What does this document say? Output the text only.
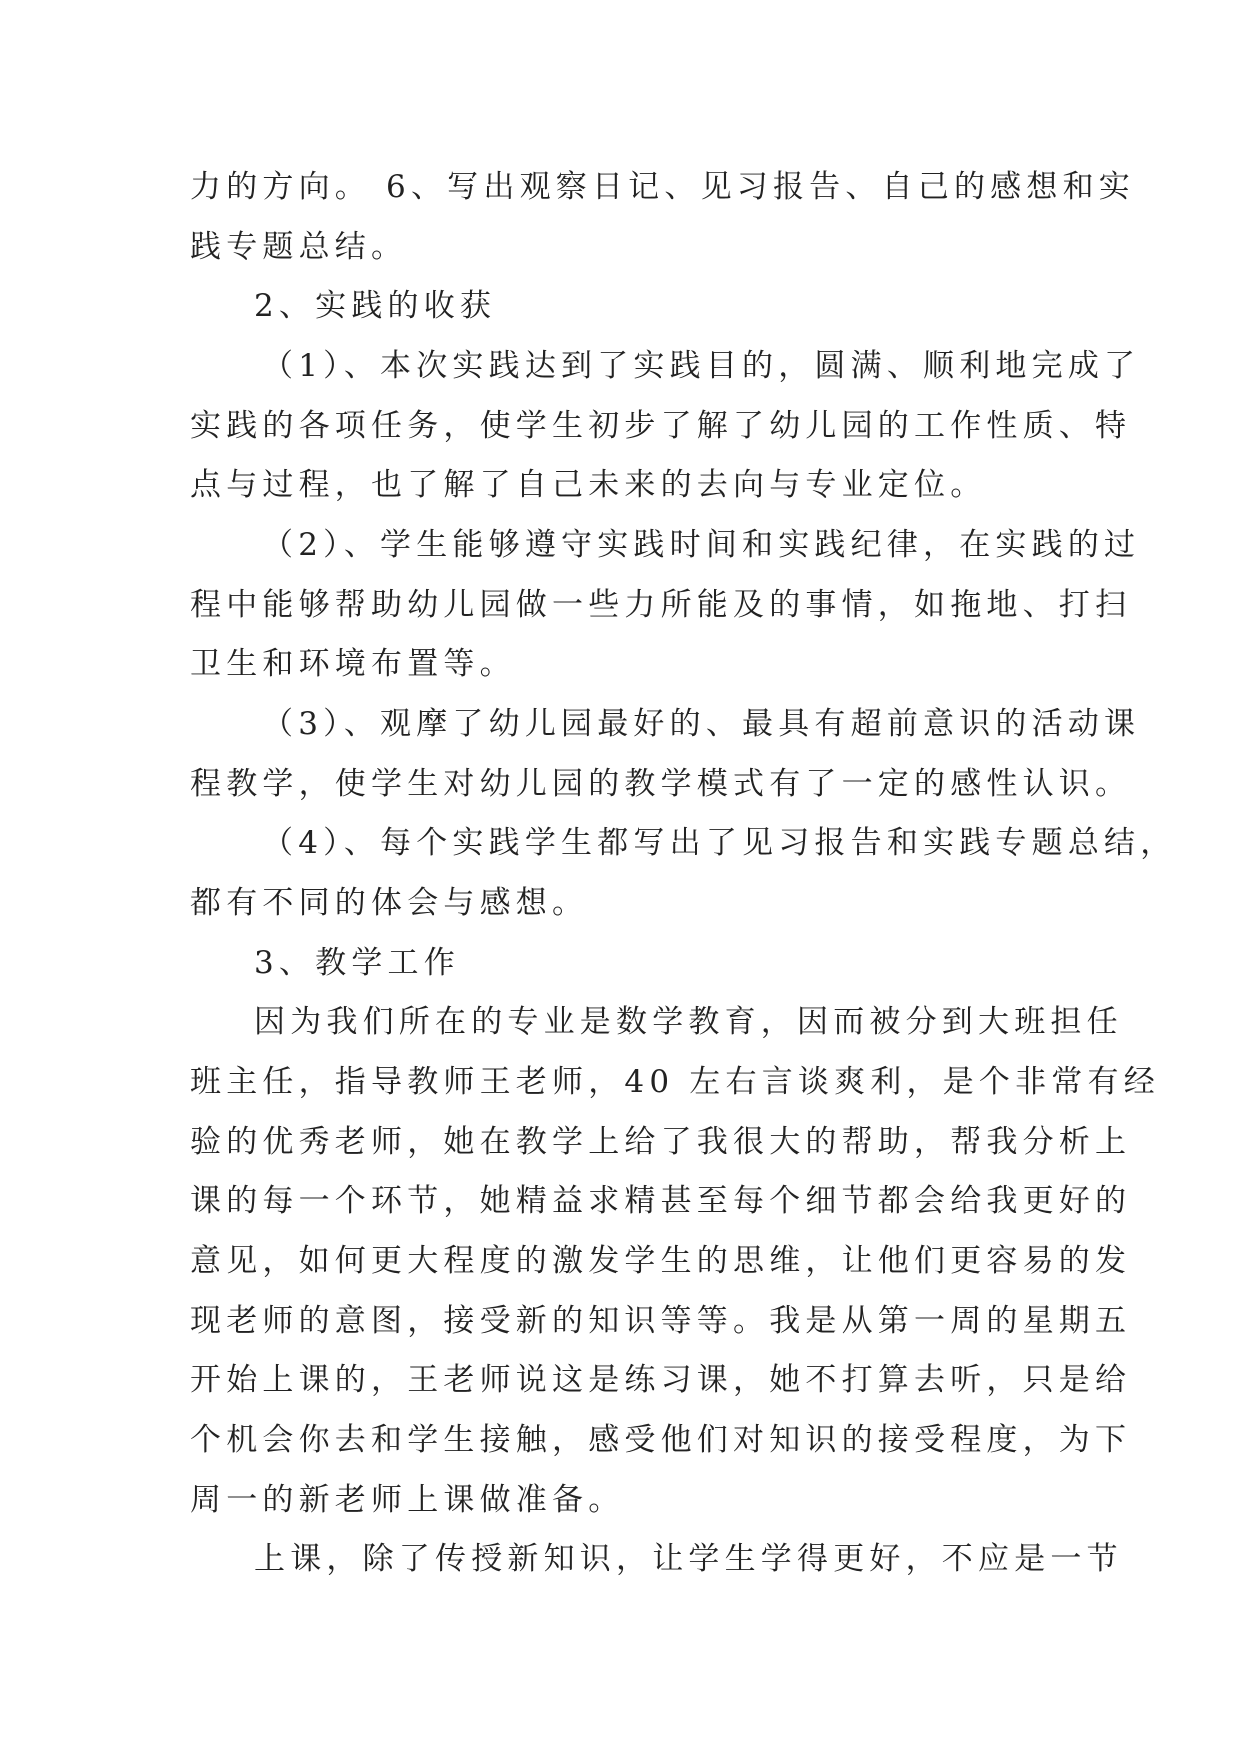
力的方向。 6、写出观察日记、见习报告、自己的感想和实
践专题总结。
2、实践的收获
（1）、本次实践达到了实践目的，圆满、顺利地完成了
实践的各项任务，使学生初步了解了幼儿园的工作性质、特
点与过程，也了解了自己未来的去向与专业定位。
（2）、学生能够遵守实践时间和实践纪律，在实践的过
程中能够帮助幼儿园做一些力所能及的事情，如拖地、打扫
卫生和环境布置等。
（3）、观摩了幼儿园最好的、最具有超前意识的活动课
程教学，使学生对幼儿园的教学模式有了一定的感性认识。
（4）、每个实践学生都写出了见习报告和实践专题总结，
都有不同的体会与感想。
3、教学工作
因为我们所在的专业是数学教育，因而被分到大班担任
班主任，指导教师王老师，40 左右言谈爽利，是个非常有经
验的优秀老师，她在教学上给了我很大的帮助，帮我分析上
课的每一个环节，她精益求精甚至每个细节都会给我更好的
意见，如何更大程度的激发学生的思维，让他们更容易的发
现老师的意图，接受新的知识等等。我是从第一周的星期五
开始上课的，王老师说这是练习课，她不打算去听，只是给
个机会你去和学生接触，感受他们对知识的接受程度，为下
周一的新老师上课做准备。
上课，除了传授新知识，让学生学得更好，不应是一节
